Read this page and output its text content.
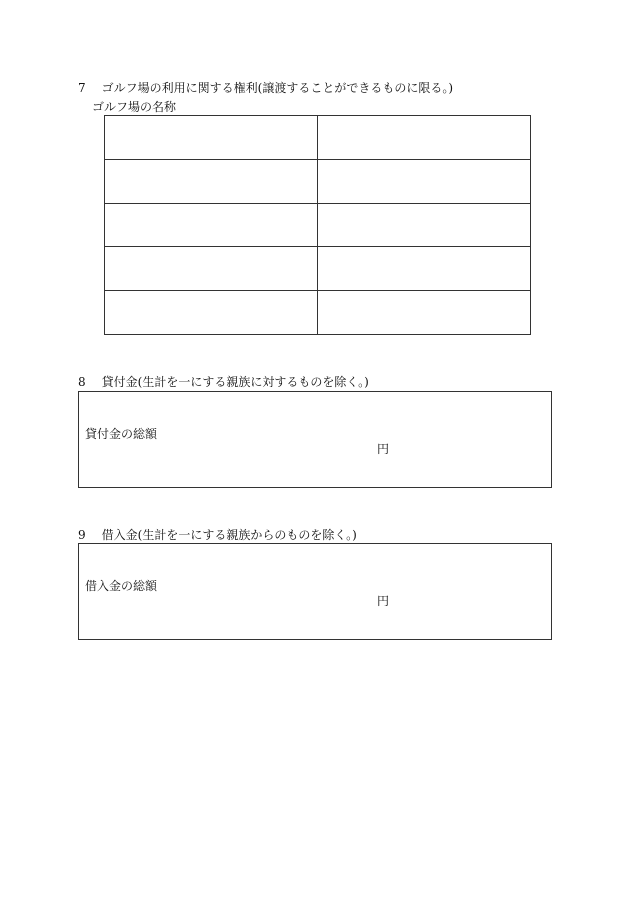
7 ゴルフ場の利用に関する権利(譲渡することができるものに限る。)
ゴルフ場の名称

8 貸付金(生計を一にする親族に対するものを除く。)
貸付金の総額
円
9 借入金(生計を一にする親族からのものを除く。)
借入金の総額
円
